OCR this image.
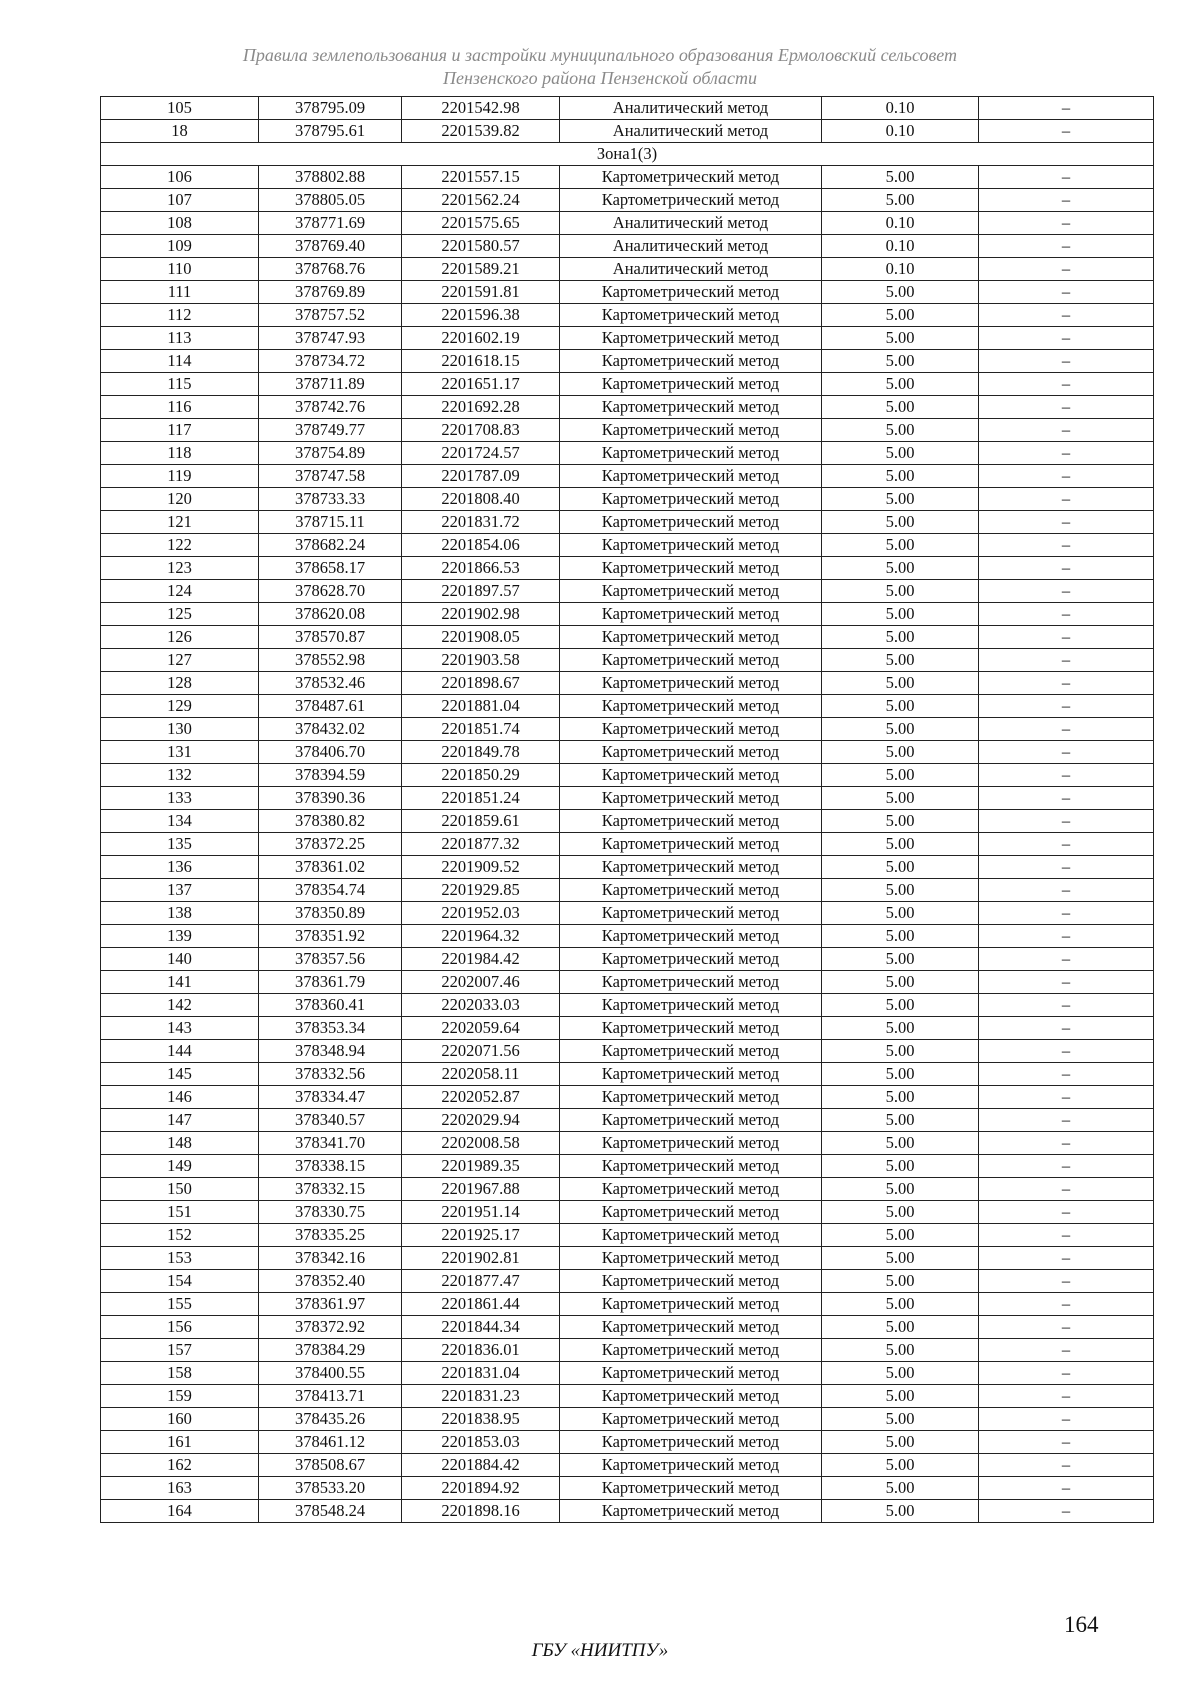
Правила землепользования и застройки муниципального образования Ермоловский сельсовет
Пензенского района Пензенской области
105	378795.09	2201542.98	Аналитический метод	0.10	–
18	378795.61	2201539.82	Аналитический метод	0.10	–
Зона1(3)					
106	378802.88	2201557.15	Картометрический метод	5.00	–
107	378805.05	2201562.24	Картометрический метод	5.00	–
108	378771.69	2201575.65	Аналитический метод	0.10	–
109	378769.40	2201580.57	Аналитический метод	0.10	–
110	378768.76	2201589.21	Аналитический метод	0.10	–
111	378769.89	2201591.81	Картометрический метод	5.00	–
112	378757.52	2201596.38	Картометрический метод	5.00	–
113	378747.93	2201602.19	Картометрический метод	5.00	–
114	378734.72	2201618.15	Картометрический метод	5.00	–
115	378711.89	2201651.17	Картометрический метод	5.00	–
116	378742.76	2201692.28	Картометрический метод	5.00	–
117	378749.77	2201708.83	Картометрический метод	5.00	–
118	378754.89	2201724.57	Картометрический метод	5.00	–
119	378747.58	2201787.09	Картометрический метод	5.00	–
120	378733.33	2201808.40	Картометрический метод	5.00	–
121	378715.11	2201831.72	Картометрический метод	5.00	–
122	378682.24	2201854.06	Картометрический метод	5.00	–
123	378658.17	2201866.53	Картометрический метод	5.00	–
124	378628.70	2201897.57	Картометрический метод	5.00	–
125	378620.08	2201902.98	Картометрический метод	5.00	–
126	378570.87	2201908.05	Картометрический метод	5.00	–
127	378552.98	2201903.58	Картометрический метод	5.00	–
128	378532.46	2201898.67	Картометрический метод	5.00	–
129	378487.61	2201881.04	Картометрический метод	5.00	–
130	378432.02	2201851.74	Картометрический метод	5.00	–
131	378406.70	2201849.78	Картометрический метод	5.00	–
132	378394.59	2201850.29	Картометрический метод	5.00	–
133	378390.36	2201851.24	Картометрический метод	5.00	–
134	378380.82	2201859.61	Картометрический метод	5.00	–
135	378372.25	2201877.32	Картометрический метод	5.00	–
136	378361.02	2201909.52	Картометрический метод	5.00	–
137	378354.74	2201929.85	Картометрический метод	5.00	–
138	378350.89	2201952.03	Картометрический метод	5.00	–
139	378351.92	2201964.32	Картометрический метод	5.00	–
140	378357.56	2201984.42	Картометрический метод	5.00	–
141	378361.79	2202007.46	Картометрический метод	5.00	–
142	378360.41	2202033.03	Картометрический метод	5.00	–
143	378353.34	2202059.64	Картометрический метод	5.00	–
144	378348.94	2202071.56	Картометрический метод	5.00	–
145	378332.56	2202058.11	Картометрический метод	5.00	–
146	378334.47	2202052.87	Картометрический метод	5.00	–
147	378340.57	2202029.94	Картометрический метод	5.00	–
148	378341.70	2202008.58	Картометрический метод	5.00	–
149	378338.15	2201989.35	Картометрический метод	5.00	–
150	378332.15	2201967.88	Картометрический метод	5.00	–
151	378330.75	2201951.14	Картометрический метод	5.00	–
152	378335.25	2201925.17	Картометрический метод	5.00	–
153	378342.16	2201902.81	Картометрический метод	5.00	–
154	378352.40	2201877.47	Картометрический метод	5.00	–
155	378361.97	2201861.44	Картометрический метод	5.00	–
156	378372.92	2201844.34	Картометрический метод	5.00	–
157	378384.29	2201836.01	Картометрический метод	5.00	–
158	378400.55	2201831.04	Картометрический метод	5.00	–
159	378413.71	2201831.23	Картометрический метод	5.00	–
160	378435.26	2201838.95	Картометрический метод	5.00	–
161	378461.12	2201853.03	Картометрический метод	5.00	–
162	378508.67	2201884.42	Картометрический метод	5.00	–
163	378533.20	2201894.92	Картометрический метод	5.00	–
164	378548.24	2201898.16	Картометрический метод	5.00	–
164
ГБУ «НИИТПУ»
